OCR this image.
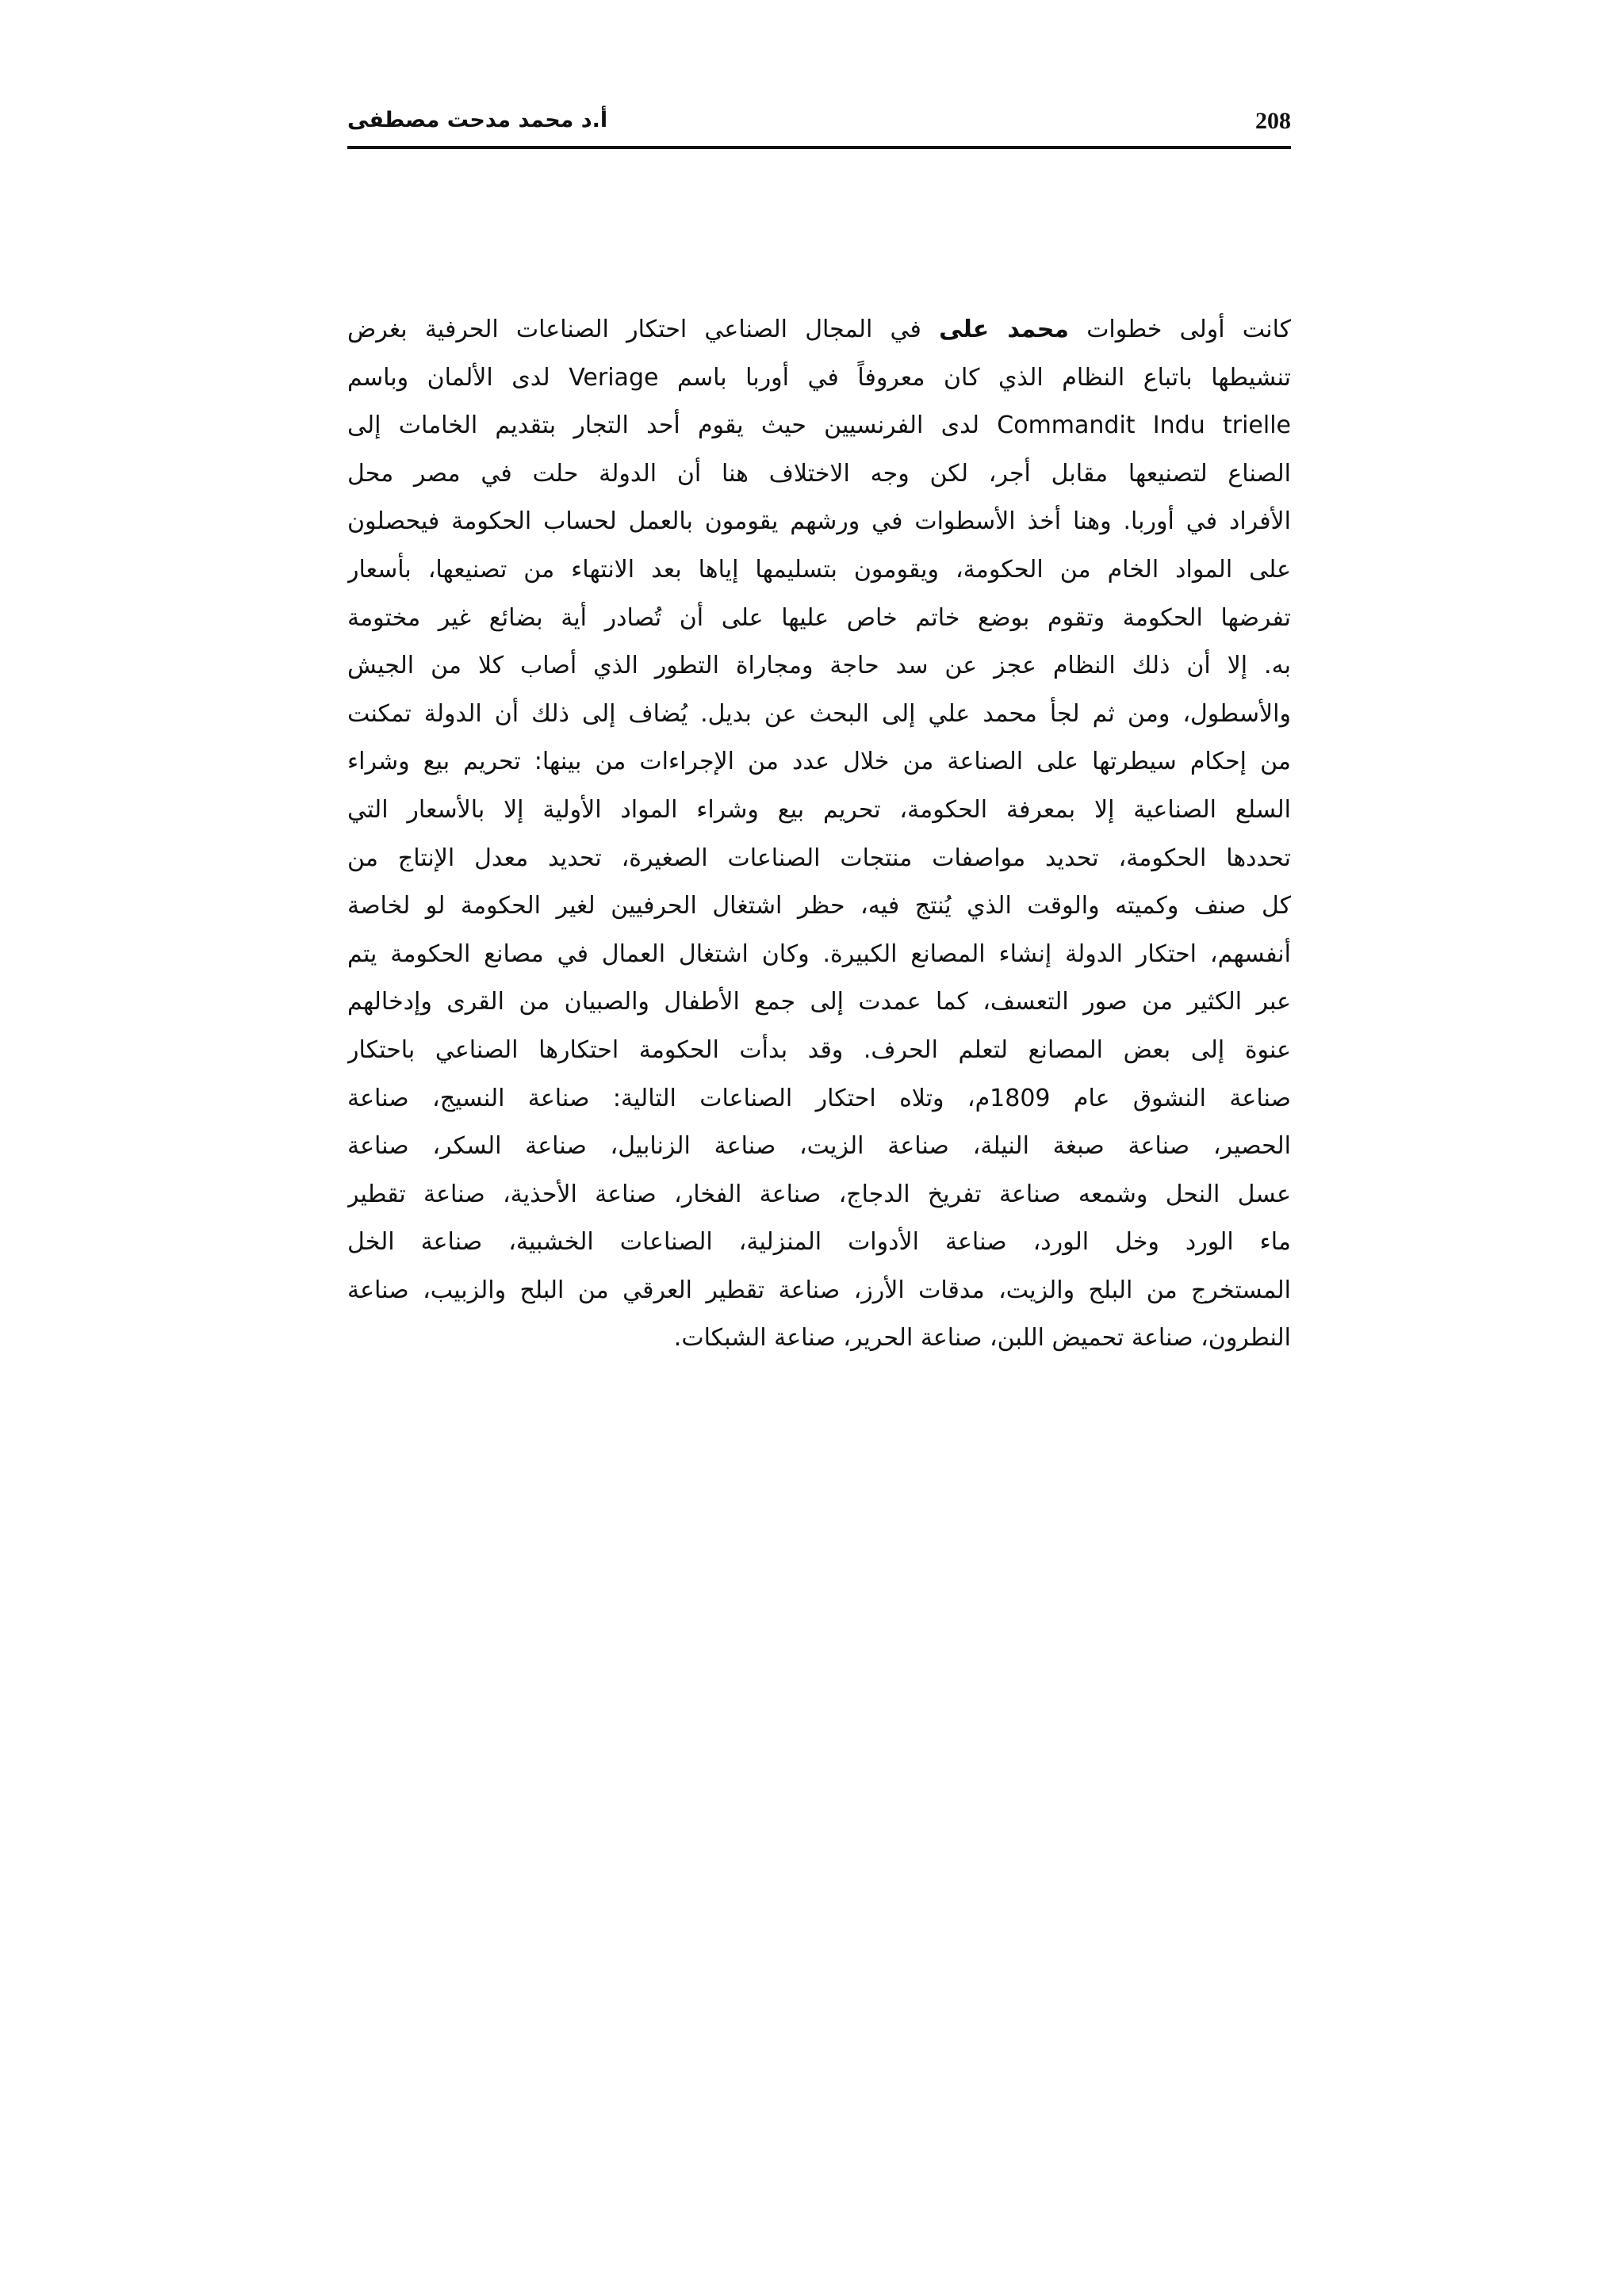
208
أ.د محمد مدحت مصطفى
كانت أولى خطوات محمد على في المجال الصناعي احتكار الصناعات الحرفية بغرض
تنشيطها باتباع النظام الذي كان معروفاً في أوربا باسم Veriage لدى الألمان وباسم
Commandit Indu trielle لدى الفرنسيين حيث يقوم أحد التجار بتقديم الخامات إلى
الصناع لتصنيعها مقابل أجر، لكن وجه الاختلاف هنا أن الدولة حلت في مصر محل
الأفراد في أوربا. وهنا أخذ الأسطوات في ورشهم يقومون بالعمل لحساب الحكومة فيحصلون
على المواد الخام من الحكومة، ويقومون بتسليمها إياها بعد الانتهاء من تصنيعها، بأسعار
تفرضها الحكومة وتقوم بوضع خاتم خاص عليها على أن تُصادر أية بضائع غير مختومة
به. إلا أن ذلك النظام عجز عن سد حاجة ومجاراة التطور الذي أصاب كلا من الجيش
والأسطول، ومن ثم لجأ محمد علي إلى البحث عن بديل. يُضاف إلى ذلك أن الدولة تمكنت
من إحكام سيطرتها على الصناعة من خلال عدد من الإجراءات من بينها: تحريم بيع وشراء
السلع الصناعية إلا بمعرفة الحكومة، تحريم بيع وشراء المواد الأولية إلا بالأسعار التي
تحددها الحكومة، تحديد مواصفات منتجات الصناعات الصغيرة، تحديد معدل الإنتاج من
كل صنف وكميته والوقت الذي يُنتج فيه، حظر اشتغال الحرفيين لغير الحكومة لو لخاصة
أنفسهم، احتكار الدولة إنشاء المصانع الكبيرة. وكان اشتغال العمال في مصانع الحكومة يتم
عبر الكثير من صور التعسف، كما عمدت إلى جمع الأطفال والصبيان من القرى وإدخالهم
عنوة إلى بعض المصانع لتعلم الحرف. وقد بدأت الحكومة احتكارها الصناعي باحتكار
صناعة النشوق عام 1809م، وتلاه احتكار الصناعات التالية: صناعة النسيج، صناعة
الحصير، صناعة صبغة النيلة، صناعة الزيت، صناعة الزنابيل، صناعة السكر، صناعة
عسل النحل وشمعه صناعة تفريخ الدجاج، صناعة الفخار، صناعة الأحذية، صناعة تقطير
ماء الورد وخل الورد، صناعة الأدوات المنزلية، الصناعات الخشبية، صناعة الخل
المستخرج من البلح والزيت، مدقات الأرز، صناعة تقطير العرقي من البلح والزبيب، صناعة
النطرون، صناعة تحميض اللبن، صناعة الحرير، صناعة الشبكات.
